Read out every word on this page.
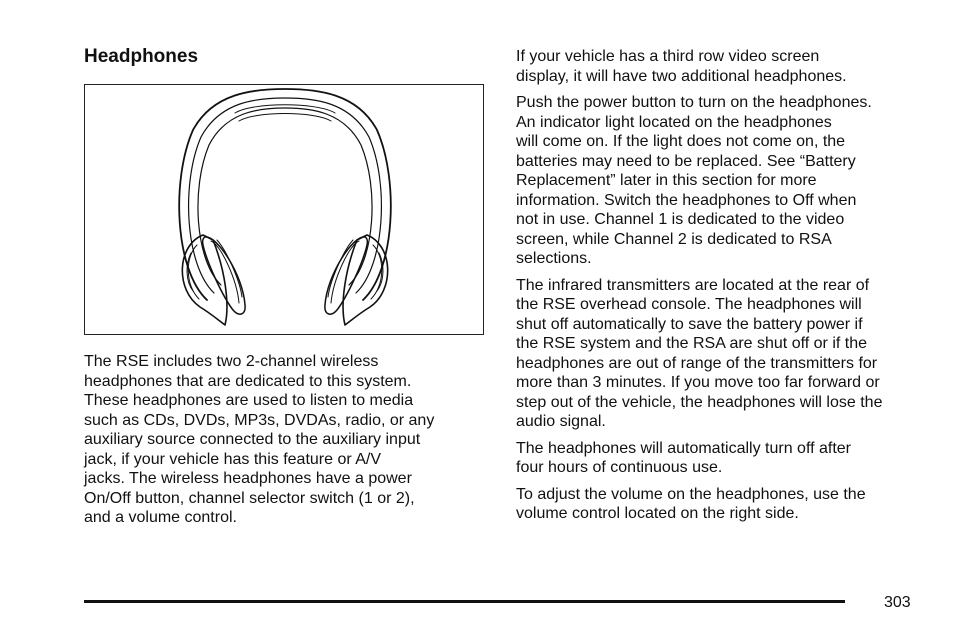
Headphones

The RSE includes two 2-channel wireless
headphones that are dedicated to this system.
These headphones are used to listen to media
such as CDs, DVDs, MP3s, DVDAs, radio, or any
auxiliary source connected to the auxiliary input
jack, if your vehicle has this feature or A/V
jacks. The wireless headphones have a power
On/Off button, channel selector switch (1 or 2),
and a volume control.

If your vehicle has a third row video screen
display, it will have two additional headphones.

Push the power button to turn on the headphones.
An indicator light located on the headphones
will come on. If the light does not come on, the
batteries may need to be replaced. See “Battery
Replacement” later in this section for more
information. Switch the headphones to Off when
not in use. Channel 1 is dedicated to the video
screen, while Channel 2 is dedicated to RSA
selections.

The infrared transmitters are located at the rear of
the RSE overhead console. The headphones will
shut off automatically to save the battery power if
the RSE system and the RSA are shut off or if the
headphones are out of range of the transmitters for
more than 3 minutes. If you move too far forward or
step out of the vehicle, the headphones will lose the
audio signal.

The headphones will automatically turn off after
four hours of continuous use.

To adjust the volume on the headphones, use the
volume control located on the right side.

303
